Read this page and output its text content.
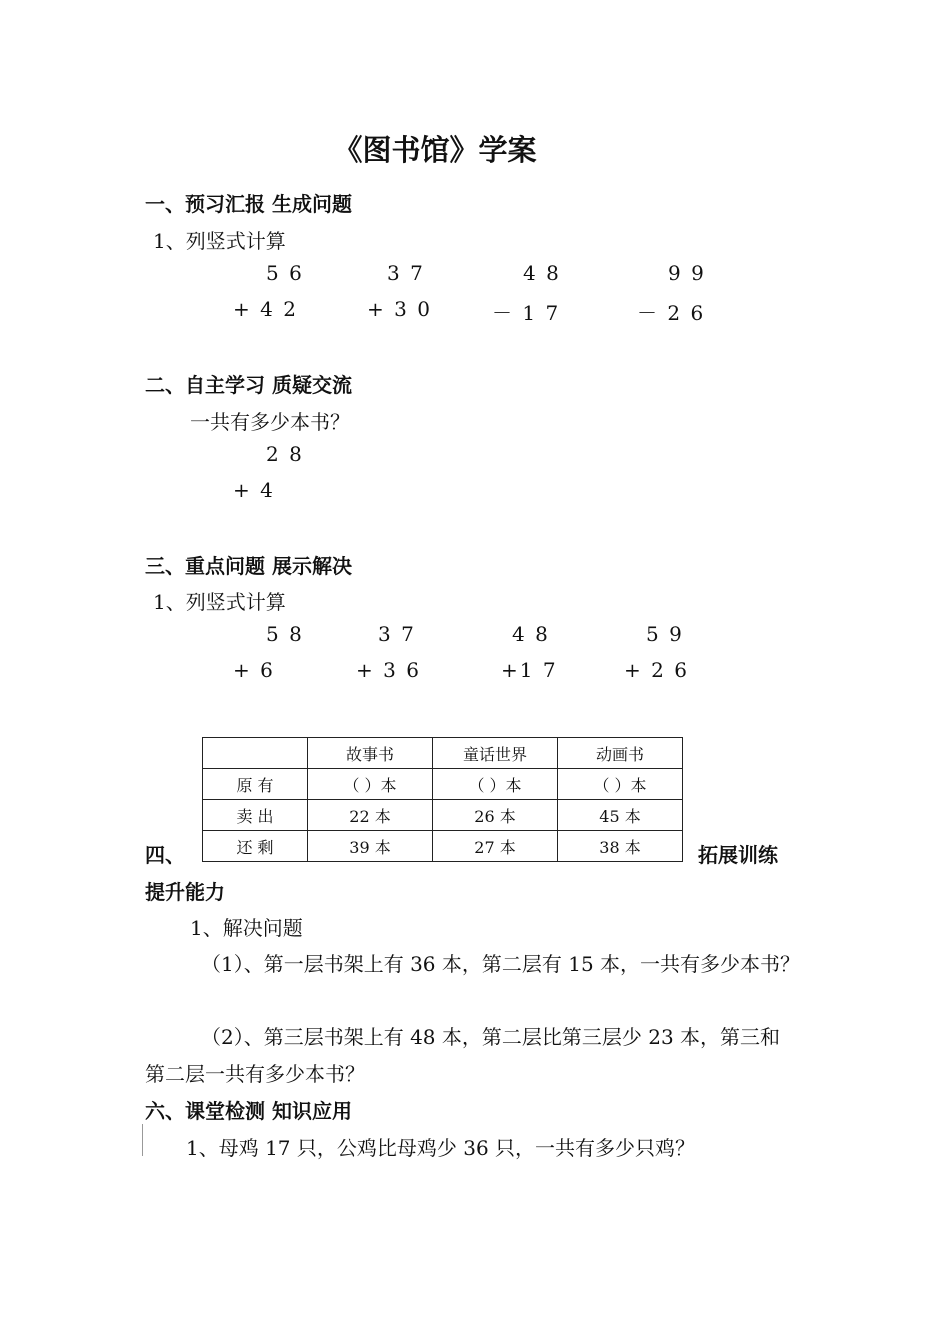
《图书馆》学案
一、预习汇报 生成问题
1、列竖式计算
5 6
+ 4 2
3 7
+ 3 0
4 8
－ 1 7
9 9
－ 2 6
二、自主学习 质疑交流
一共有多少本书？
2 8
+ 4
三、重点问题 展示解决
1、列竖式计算
5 8
+ 6
3 7
+ 3 6
4 8
+1 7
5 9
+ 2 6
	故事书	童话世界	动画书
原 有	（ ）本	（ ）本	（ ）本
卖 出	22 本	26 本	45 本
还 剩	39 本	27 本	38 本
四、	拓展训练
提升能力
1、解决问题
（1）、第一层书架上有 36 本，第二层有 15 本，一共有多少本书？
（2）、第三层书架上有 48 本，第二层比第三层少 23 本，第三和
第二层一共有多少本书？
六、课堂检测 知识应用
1、母鸡 17 只，公鸡比母鸡少 36 只，一共有多少只鸡？
